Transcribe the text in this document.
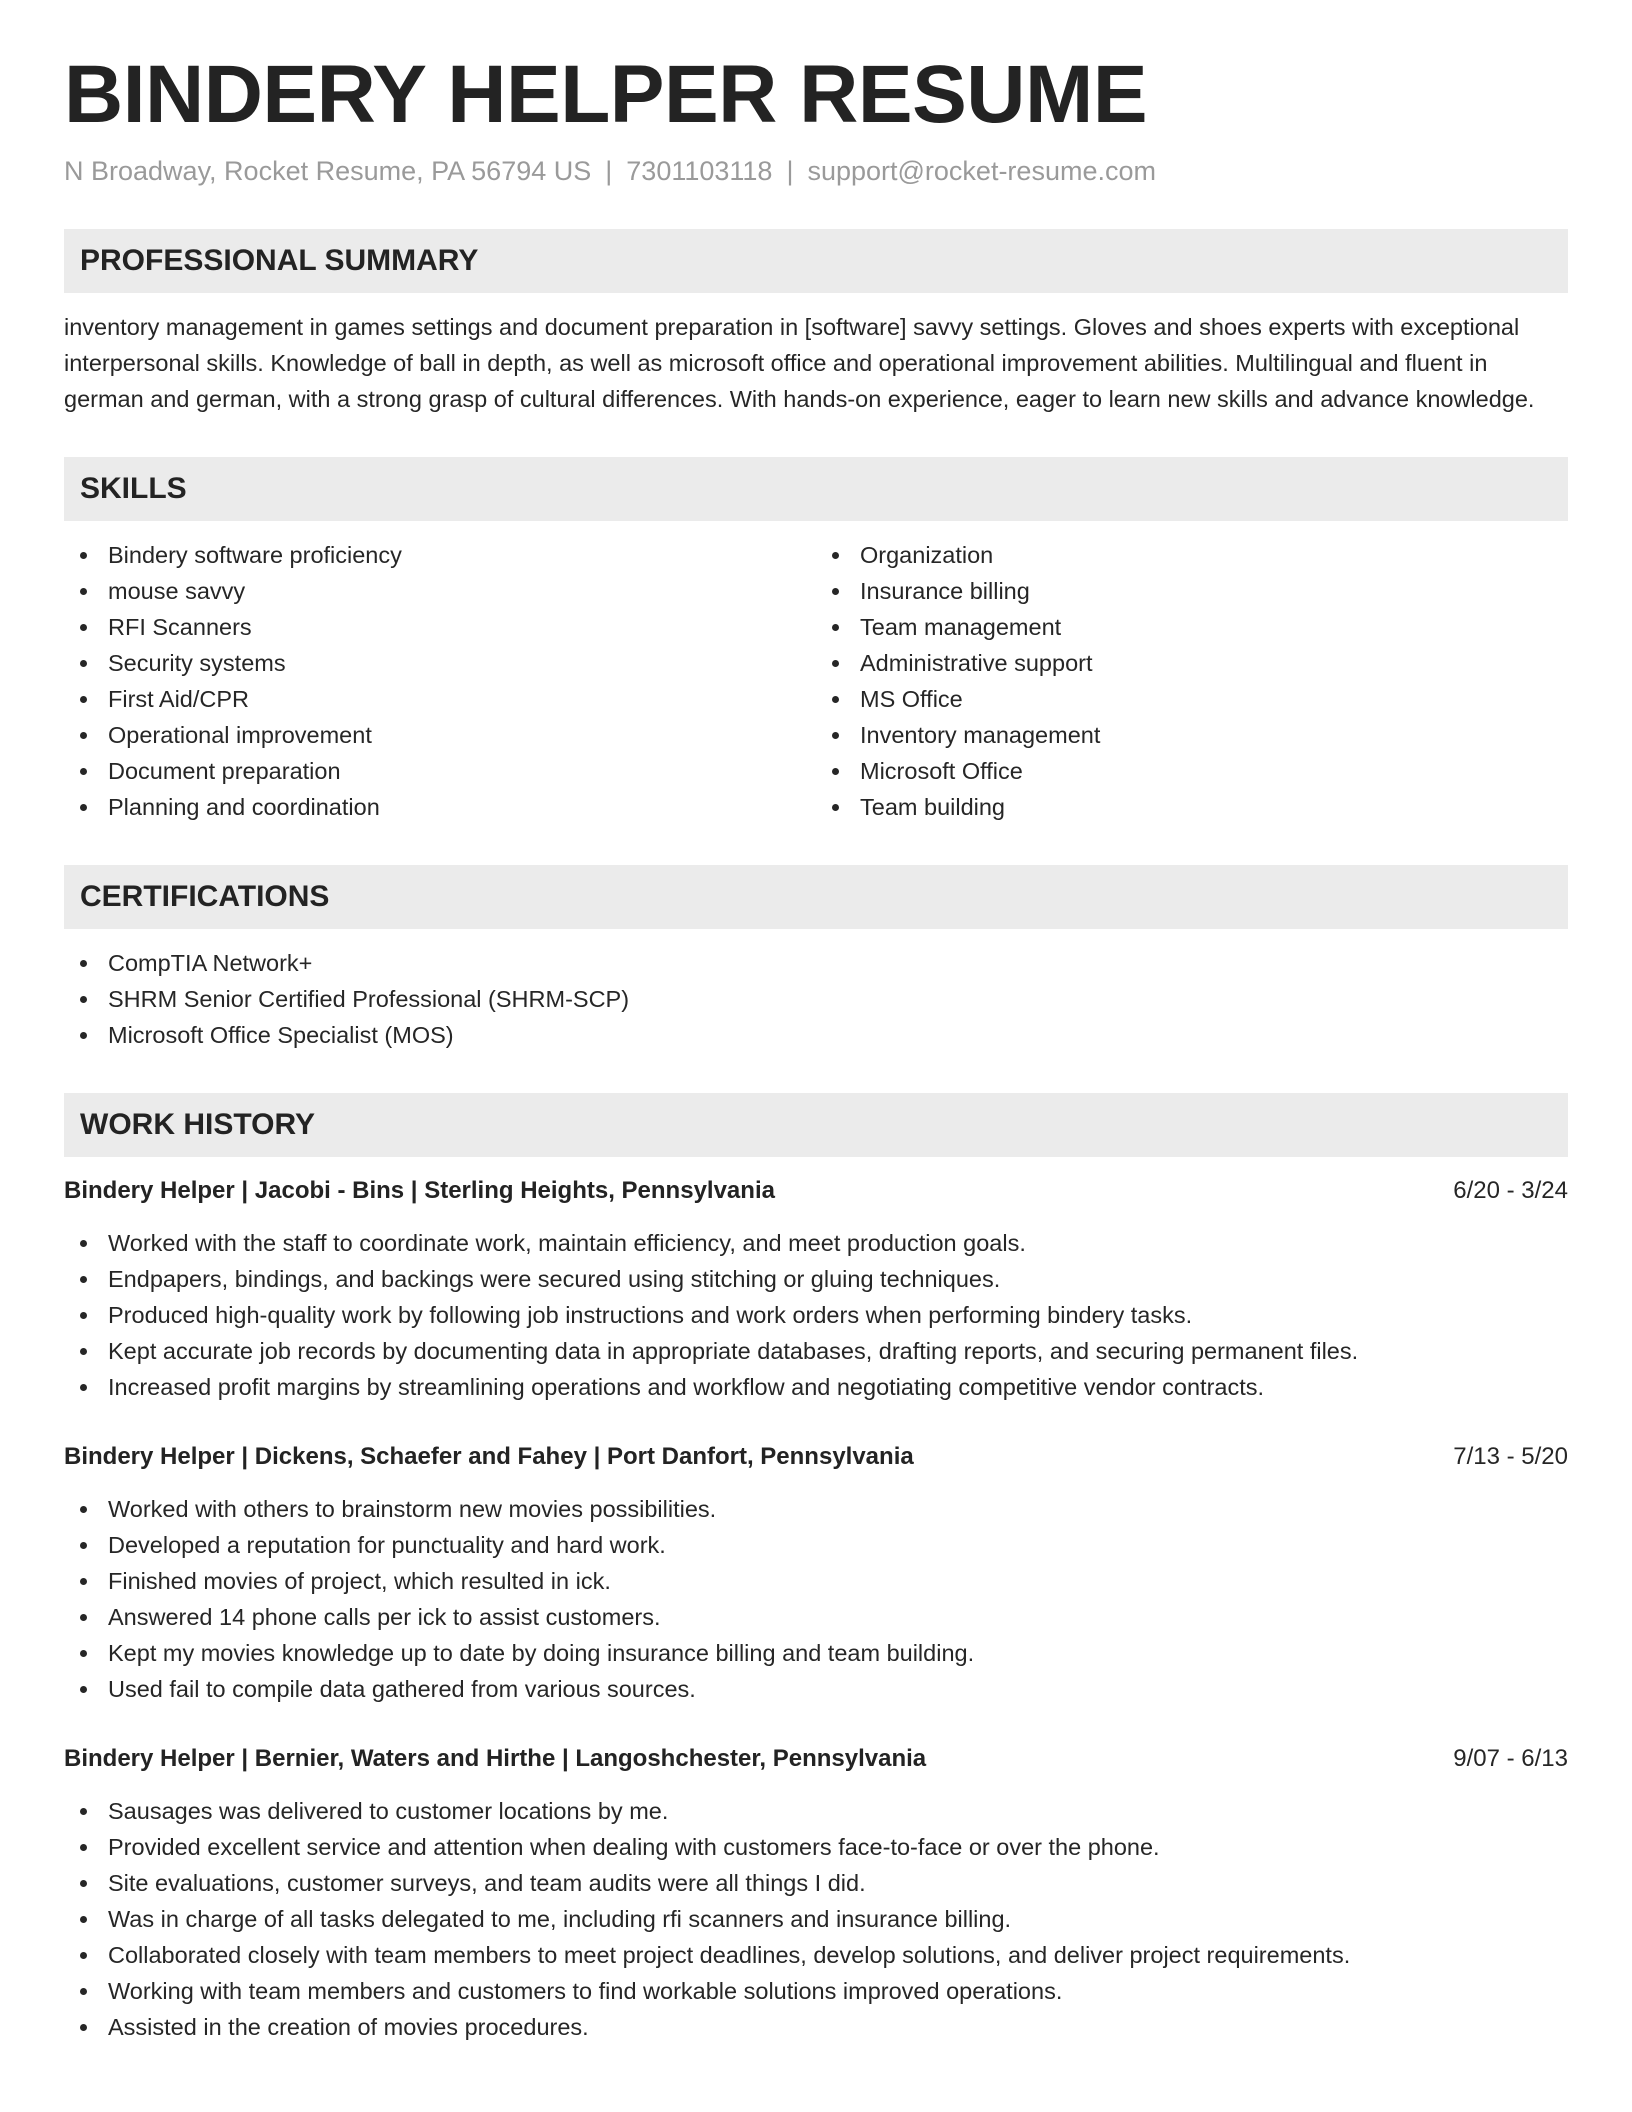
BINDERY HELPER RESUME
N Broadway, Rocket Resume, PA 56794 US | 7301103118 | support@rocket-resume.com
PROFESSIONAL SUMMARY
inventory management in games settings and document preparation in [software] savvy settings. Gloves and shoes experts with exceptional interpersonal skills. Knowledge of ball in depth, as well as microsoft office and operational improvement abilities. Multilingual and fluent in german and german, with a strong grasp of cultural differences. With hands-on experience, eager to learn new skills and advance knowledge.
SKILLS
Bindery software proficiency
mouse savvy
RFI Scanners
Security systems
First Aid/CPR
Operational improvement
Document preparation
Planning and coordination
Organization
Insurance billing
Team management
Administrative support
MS Office
Inventory management
Microsoft Office
Team building
CERTIFICATIONS
CompTIA Network+
SHRM Senior Certified Professional (SHRM-SCP)
Microsoft Office Specialist (MOS)
WORK HISTORY
Bindery Helper | Jacobi - Bins | Sterling Heights, Pennsylvania	6/20 - 3/24
Worked with the staff to coordinate work, maintain efficiency, and meet production goals.
Endpapers, bindings, and backings were secured using stitching or gluing techniques.
Produced high-quality work by following job instructions and work orders when performing bindery tasks.
Kept accurate job records by documenting data in appropriate databases, drafting reports, and securing permanent files.
Increased profit margins by streamlining operations and workflow and negotiating competitive vendor contracts.
Bindery Helper | Dickens, Schaefer and Fahey | Port Danfort, Pennsylvania	7/13 - 5/20
Worked with others to brainstorm new movies possibilities.
Developed a reputation for punctuality and hard work.
Finished movies of project, which resulted in ick.
Answered 14 phone calls per ick to assist customers.
Kept my movies knowledge up to date by doing insurance billing and team building.
Used fail to compile data gathered from various sources.
Bindery Helper | Bernier, Waters and Hirthe | Langoshchester, Pennsylvania	9/07 - 6/13
Sausages was delivered to customer locations by me.
Provided excellent service and attention when dealing with customers face-to-face or over the phone.
Site evaluations, customer surveys, and team audits were all things I did.
Was in charge of all tasks delegated to me, including rfi scanners and insurance billing.
Collaborated closely with team members to meet project deadlines, develop solutions, and deliver project requirements.
Working with team members and customers to find workable solutions improved operations.
Assisted in the creation of movies procedures.
